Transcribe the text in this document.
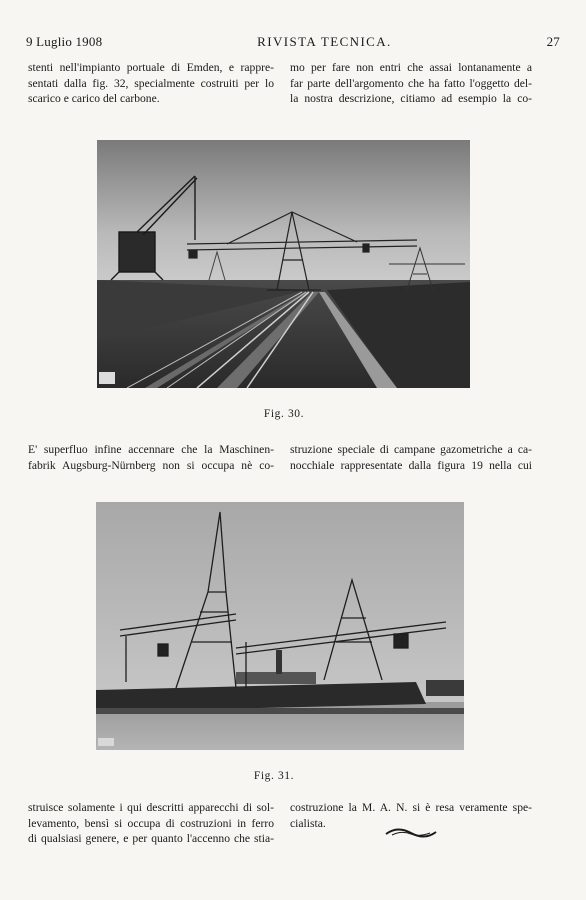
9 Luglio 1908	RIVISTA TECNICA.	27
stenti nell'impianto portuale di Emden, e rappre-
sentati dalla fig. 32, specialmente costruiti per lo
scarico e carico del carbone.
mo per fare non entri che assai lontanamente a
far parte dell'argomento che ha fatto l'oggetto del-
la nostra descrizione, citiamo ad esempio la co-
Fig. 30.
E' superfluo infine accennare che la Maschinen-
fabrik Augsburg-Nürnberg non si occupa nè co-
struzione speciale di campane gazometriche a ca-
nocchiale rappresentate dalla figura 19 nella cui
Fig. 31.
struisce solamente i qui descritti apparecchi di sol-
levamento, bensì si occupa di costruzioni in ferro
di qualsiasi genere, e per quanto l'accenno che stia-
costruzione la M. A. N. si è resa veramente spe-
cialista.
